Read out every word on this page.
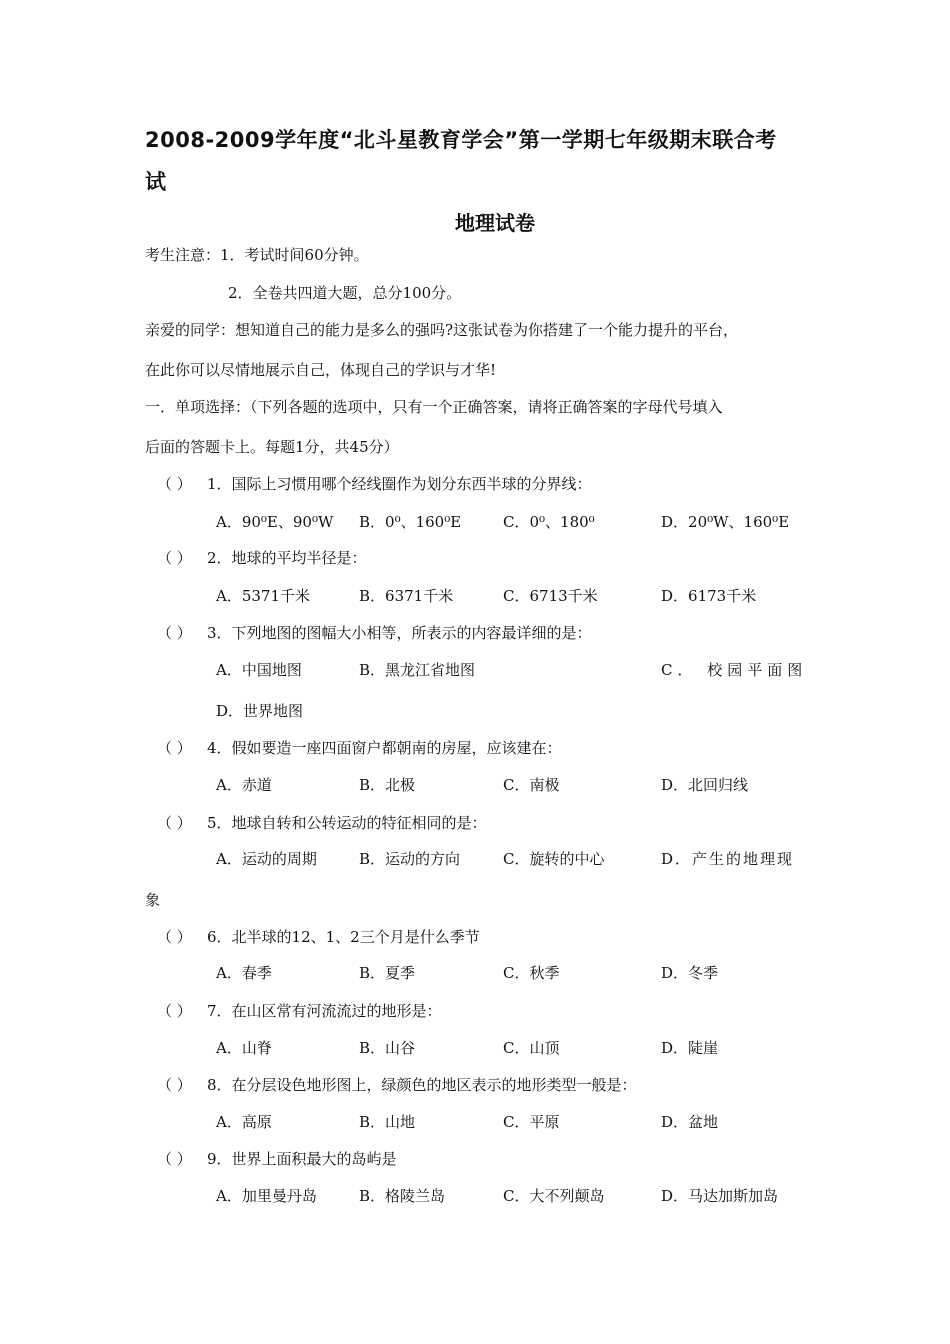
2008-2009学年度“北斗星教育学会”第一学期七年级期末联合考
试
地理试卷
考生注意：1．考试时间60分钟。
2．全卷共四道大题，总分100分。
亲爱的同学：想知道自己的能力是多么的强吗?这张试卷为你搭建了一个能力提升的平台，
在此你可以尽情地展示自己，体现自己的学识与才华!
一．单项选择：（下列各题的选项中，只有一个正确答案，请将正确答案的字母代号填入
后面的答题卡上。每题1分，共45分）
（ ） 1．国际上习惯用哪个经线圈作为划分东西半球的分界线：
A．90⁰E、90⁰W B．0⁰、160⁰E	C．0⁰、180⁰	D．20⁰W、160⁰E
（ ） 2．地球的平均半径是：
A．5371千米	B．6371千米	C．6713千米	D．6173千米
（ ） 3．下列地图的图幅大小相等，所表示的内容最详细的是：
A．中国地图	B．黑龙江省地图	C． 校园平面图
D．世界地图
（ ） 4．假如要造一座四面窗户都朝南的房屋，应该建在：
A．赤道	B．北极	C．南极	D．北回归线
（ ） 5．地球自转和公转运动的特征相同的是：
A．运动的周期	B．运动的方向	C．旋转的中心	D．产生的地理现
象
（ ） 6．北半球的12、1、2三个月是什么季节
A．春季	B．夏季	C．秋季	D．冬季
（ ） 7．在山区常有河流流过的地形是：
A．山脊	B．山谷	C．山顶	D．陡崖
（ ） 8．在分层设色地形图上，绿颜色的地区表示的地形类型一般是：
A．高原	B．山地	C．平原	D．盆地
（ ） 9．世界上面积最大的岛屿是
A．加里曼丹岛	B．格陵兰岛	C．大不列颠岛	D．马达加斯加岛
